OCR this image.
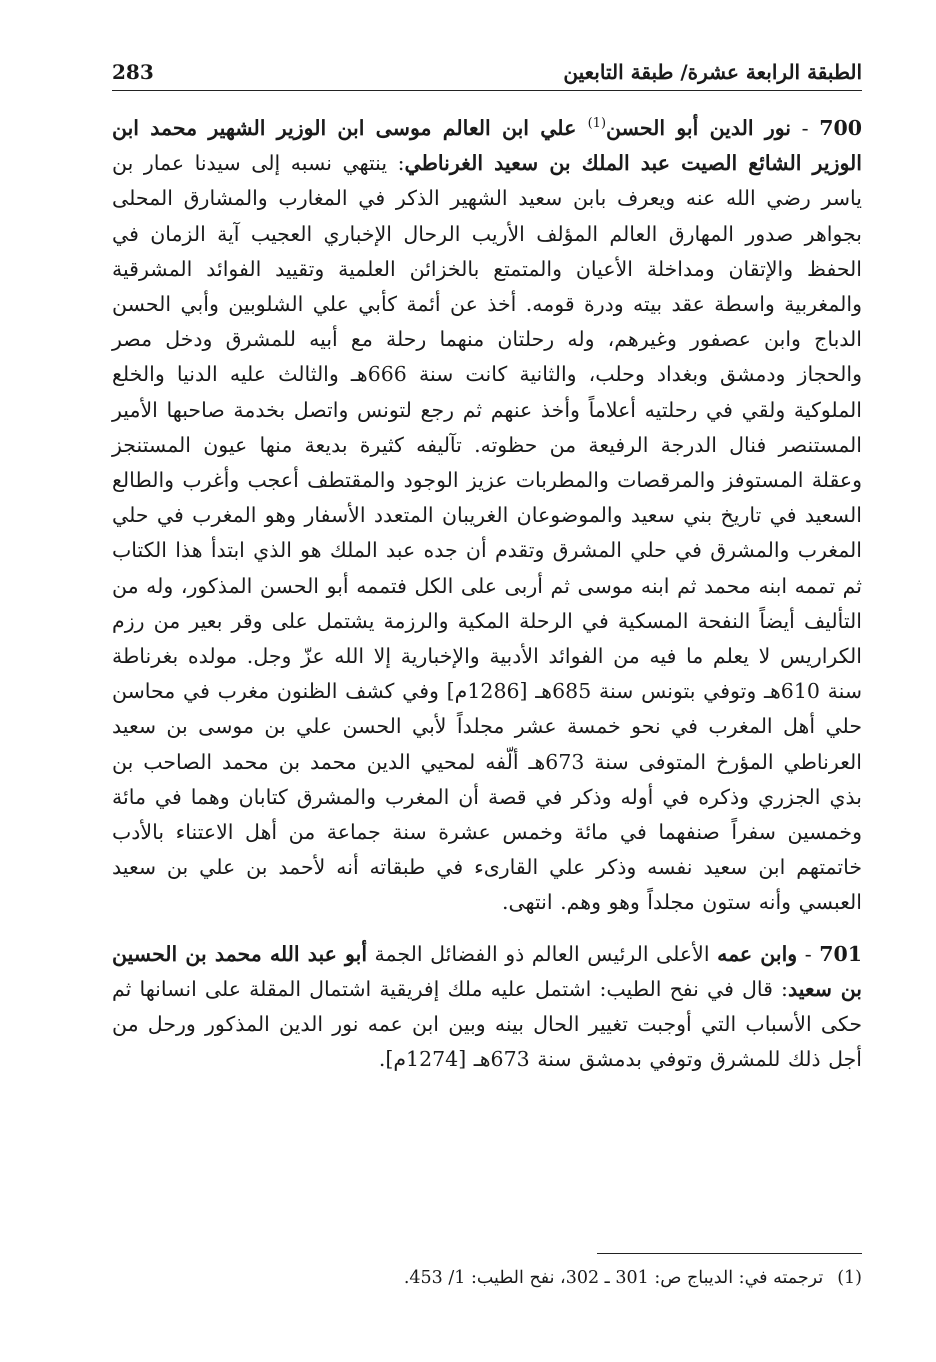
الطبقة الرابعة عشرة/ طبقة التابعين
283

700 - نور الدين أبو الحسن$^{(1)}$ علي ابن العالم موسى ابن الوزير الشهير محمد ابن الوزير الشائع الصيت عبد الملك بن سعيد الغرناطي: ينتهي نسبه إلى سيدنا عمار بن ياسر رضي الله عنه ويعرف بابن سعيد الشهير الذكر في المغارب والمشارق المحلى بجواهر صدور المهارق العالم المؤلف الأريب الرحال الإخباري العجيب آية الزمان في الحفظ والإتقان ومداخلة الأعيان والمتمتع بالخزائن العلمية وتقييد الفوائد المشرقية والمغربية واسطة عقد بيته ودرة قومه. أخذ عن أئمة كأبي علي الشلوبين وأبي الحسن الدباج وابن عصفور وغيرهم، وله رحلتان منهما رحلة مع أبيه للمشرق ودخل مصر والحجاز ودمشق وبغداد وحلب، والثانية كانت سنة 666هـ والثالث عليه الدنيا والخلع الملوكية ولقي في رحلتيه أعلاماً وأخذ عنهم ثم رجع لتونس واتصل بخدمة صاحبها الأمير المستنصر فنال الدرجة الرفيعة من حظوته. تآليفه كثيرة بديعة منها عيون المستنجز وعقلة المستوفز والمرقصات والمطربات عزيز الوجود والمقتطف أعجب وأغرب والطالع السعيد في تاريخ بني سعيد والموضوعان الغريبان المتعدد الأسفار وهو المغرب في حلي المغرب والمشرق في حلي المشرق وتقدم أن جده عبد الملك هو الذي ابتدأ هذا الكتاب ثم تممه ابنه محمد ثم ابنه موسى ثم أربى على الكل فتممه أبو الحسن المذكور، وله من التأليف أيضاً النفحة المسكية في الرحلة المكية والرزمة يشتمل على وقر بعير من رزم الكراريس لا يعلم ما فيه من الفوائد الأدبية والإخبارية إلا الله عزّ وجل. مولده بغرناطة سنة 610هـ وتوفي بتونس سنة 685هـ [1286م] وفي كشف الظنون مغرب في محاسن حلي أهل المغرب في نحو خمسة عشر مجلداً لأبي الحسن علي بن موسى بن سعيد العرناطي المؤرخ المتوفى سنة 673هـ ألّفه لمحيي الدين محمد بن محمد الصاحب بن بذي الجزري وذكره في أوله وذكر في قصة أن المغرب والمشرق كتابان وهما في مائة وخمسين سفراً صنفهما في مائة وخمس عشرة سنة جماعة من أهل الاعتناء بالأدب خاتمتهم ابن سعيد نفسه وذكر علي القارىء في طبقاته أنه لأحمد بن علي بن سعيد العبسي وأنه ستون مجلداً وهو وهم. انتهى.

701 - وابن عمه الأعلى الرئيس العالم ذو الفضائل الجمة أبو عبد الله محمد بن الحسين بن سعيد: قال في نفح الطيب: اشتمل عليه ملك إفريقية اشتمال المقلة على انسانها ثم حكى الأسباب التي أوجبت تغيير الحال بينه وبين ابن عمه نور الدين المذكور ورحل من أجل ذلك للمشرق وتوفي بدمشق سنة 673هـ [1274م].

(1)ترجمته في: الديباج ص: 301 ـ 302، نفح الطيب: 1/ 453.
